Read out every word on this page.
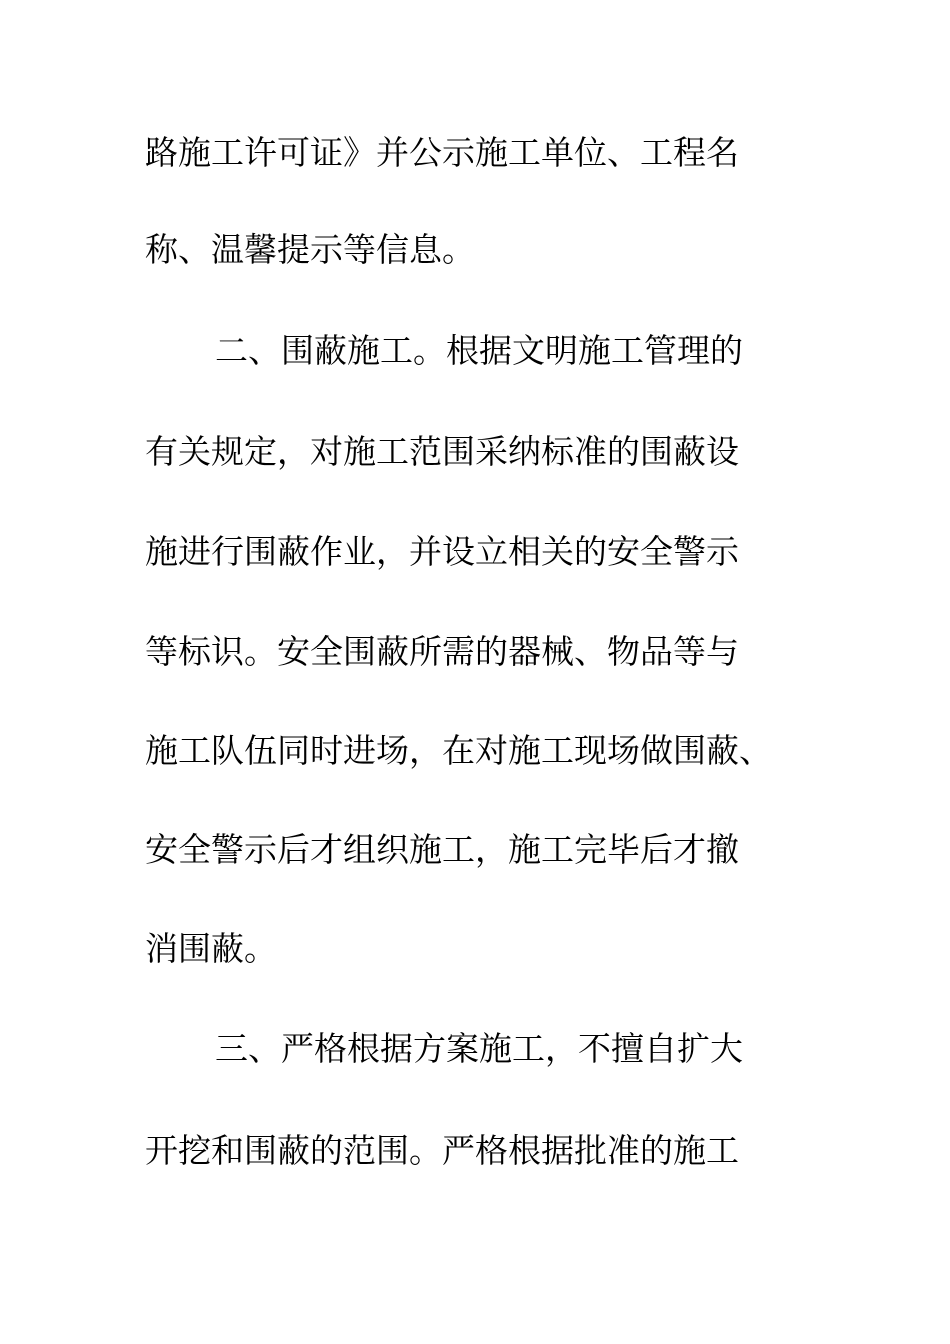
路施工许可证》并公示施工单位、工程名
称、温馨提示等信息。
二、围蔽施工。根据文明施工管理的
有关规定，对施工范围采纳标准的围蔽设
施进行围蔽作业，并设立相关的安全警示
等标识。安全围蔽所需的器械、物品等与
施工队伍同时进场，在对施工现场做围蔽、
安全警示后才组织施工，施工完毕后才撤
消围蔽。
三、严格根据方案施工，不擅自扩大
开挖和围蔽的范围。严格根据批准的施工
